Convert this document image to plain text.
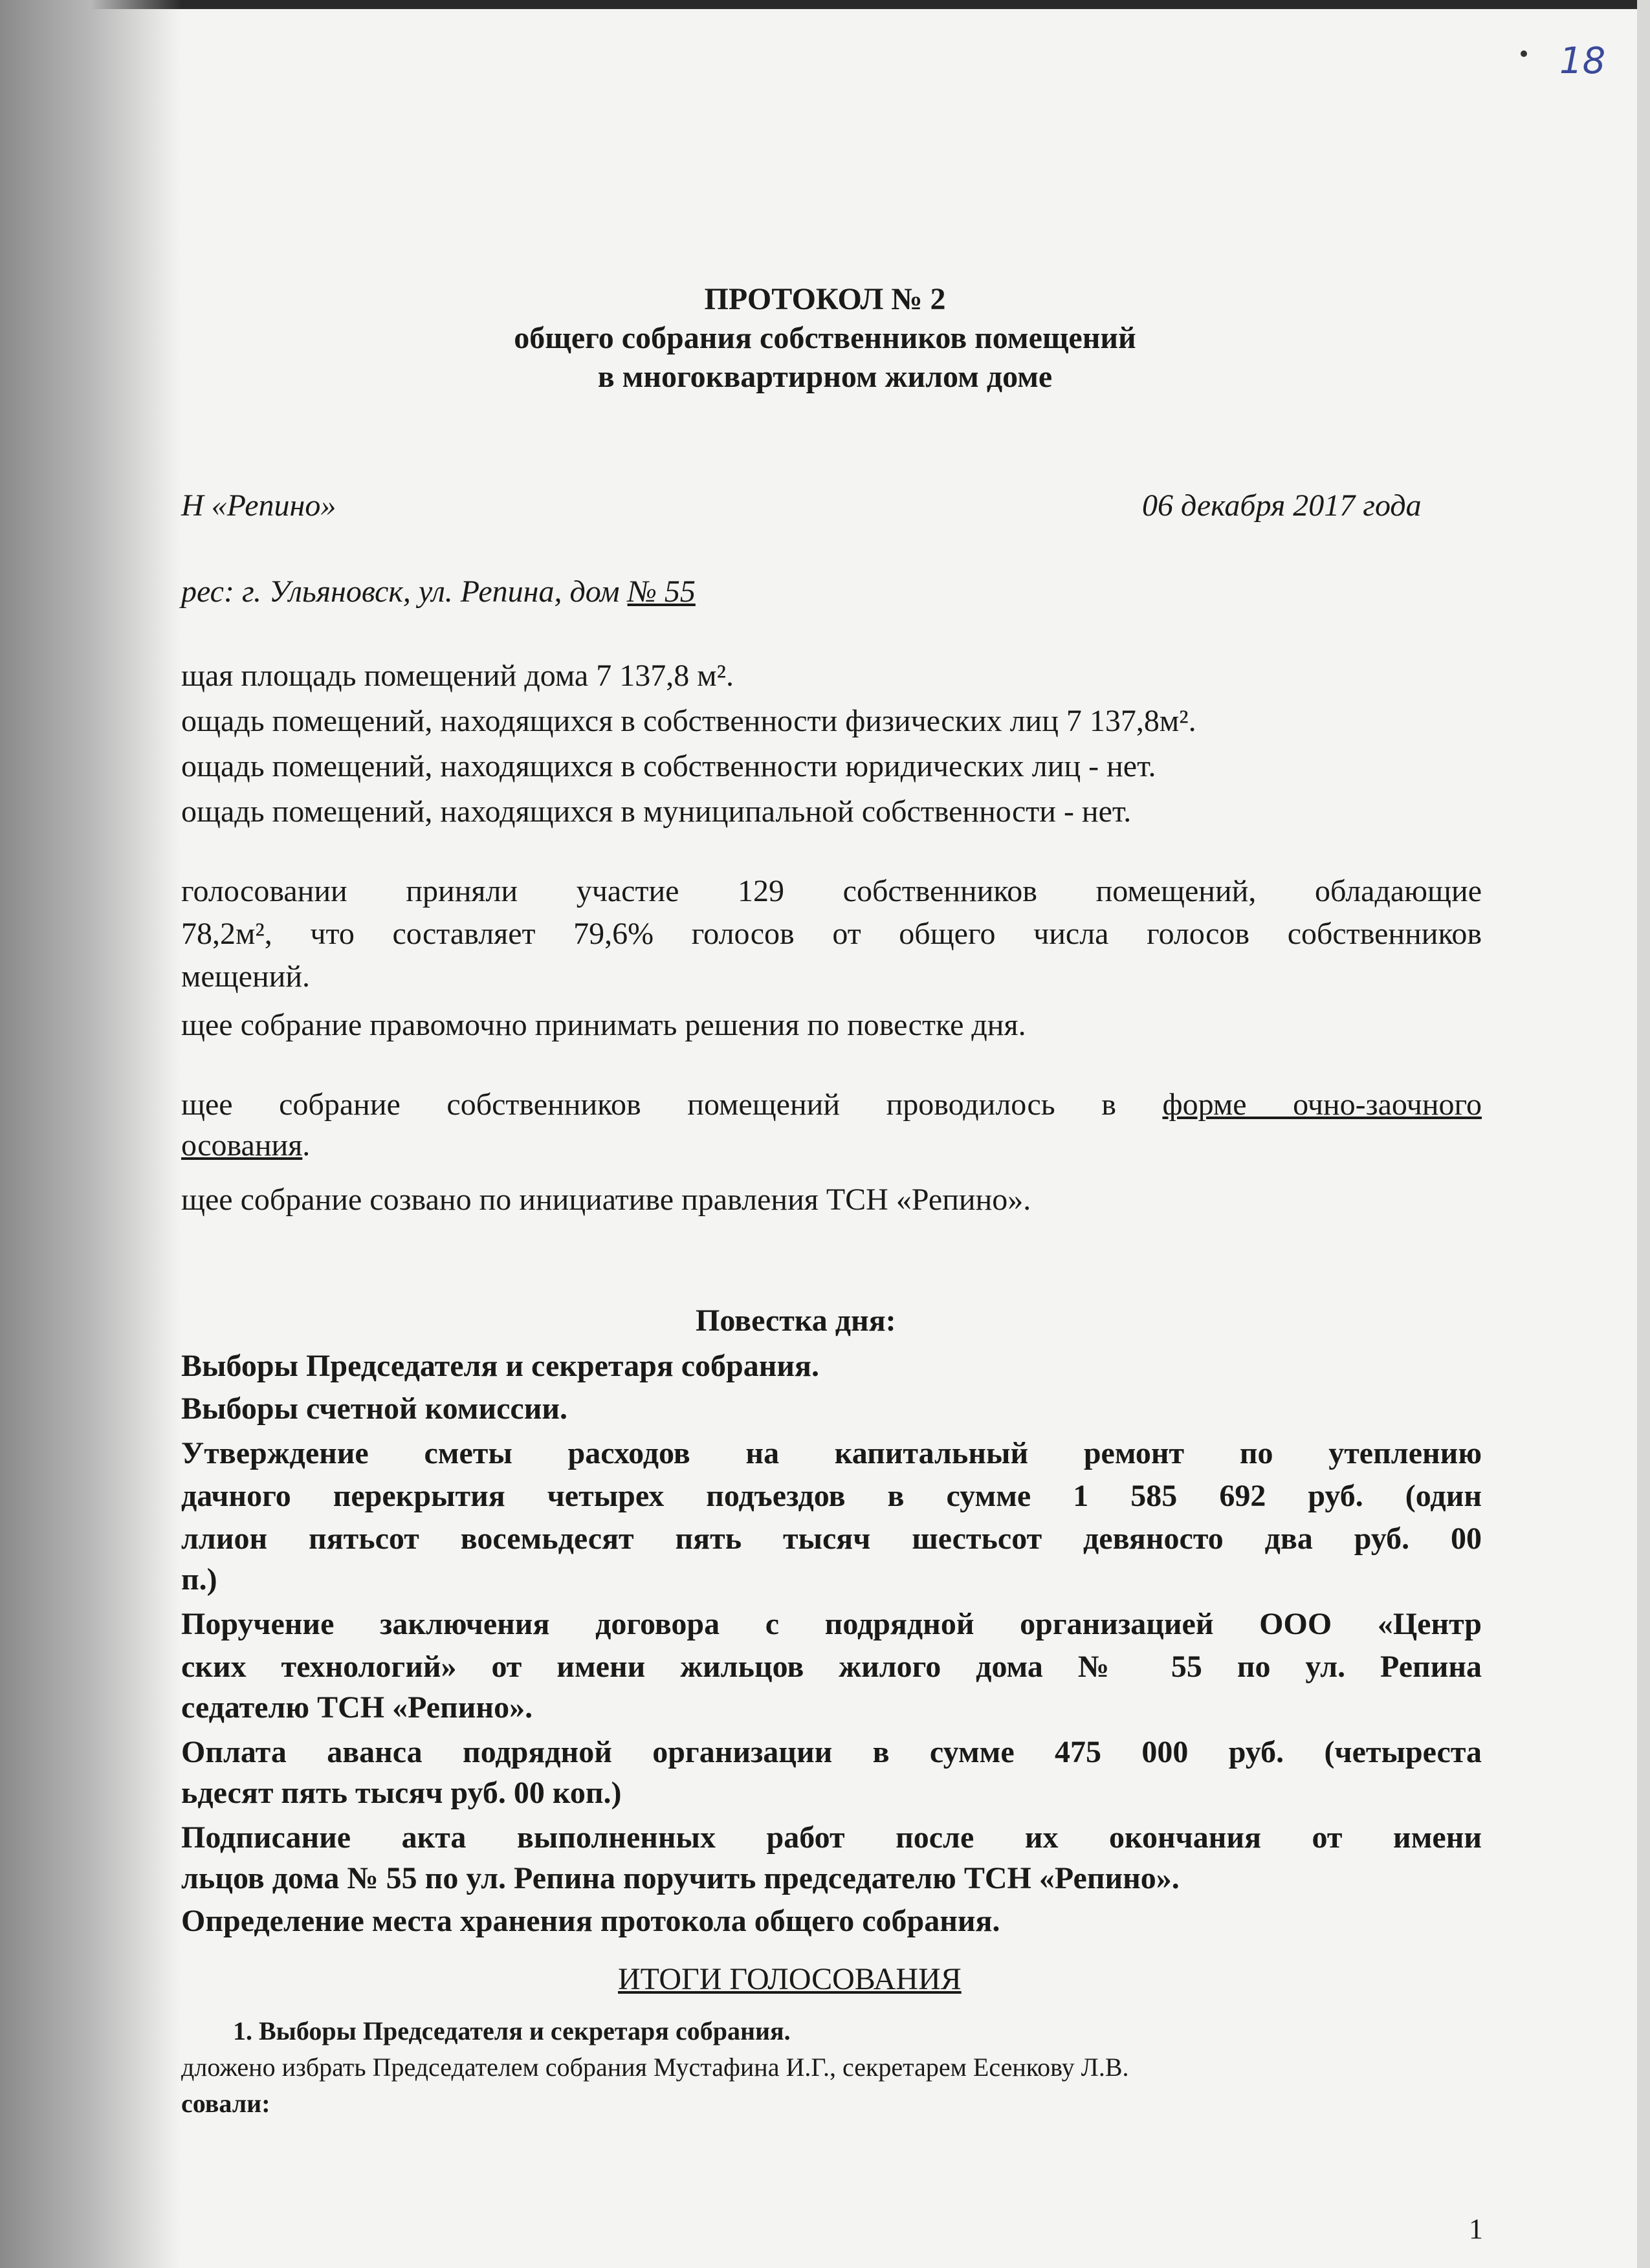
18
ПРОТОКОЛ № 2
общего собрания собственников помещений
в многоквартирном жилом доме
Н «Репино»	06 декабря 2017 года
рес: г. Ульяновск, ул. Репина, дом № 55
щая площадь помещений дома 7 137,8 м².
ощадь помещений, находящихся в собственности физических лиц 7 137,8м².
ощадь помещений, находящихся в собственности юридических лиц - нет.
ощадь помещений, находящихся в муниципальной собственности - нет.
голосовании приняли участие 129 собственников помещений, обладающие
78,2м², что составляет 79,6% голосов от общего числа голосов собственников
мещений.
щее собрание правомочно принимать решения по повестке дня.
щее собрание собственников помещений проводилось в форме очно-заочного
осования.
щее собрание созвано по инициативе правления ТСН «Репино».
Повестка дня:
Выборы Председателя и секретаря собрания.
Выборы счетной комиссии.
Утверждение сметы расходов на капитальный ремонт по утеплению
дачного перекрытия четырех подъездов в сумме 1 585 692 руб. (один
ллион пятьсот восемьдесят пять тысяч шестьсот девяносто два руб. 00
п.)
Поручение заключения договора с подрядной организацией ООО «Центр
ских технологий» от имени жильцов жилого дома № 55 по ул. Репина
седателю ТСН «Репино».
Оплата аванса подрядной организации в сумме 475 000 руб. (четыреста
ьдесят пять тысяч руб. 00 коп.)
Подписание акта выполненных работ после их окончания от имени
льцов дома № 55 по ул. Репина поручить председателю ТСН «Репино».
Определение места хранения протокола общего собрания.
ИТОГИ ГОЛОСОВАНИЯ
1. Выборы Председателя и секретаря собрания.
дложено избрать Председателем собрания Мустафина И.Г., секретарем Есенкову Л.В.
совали:
1
